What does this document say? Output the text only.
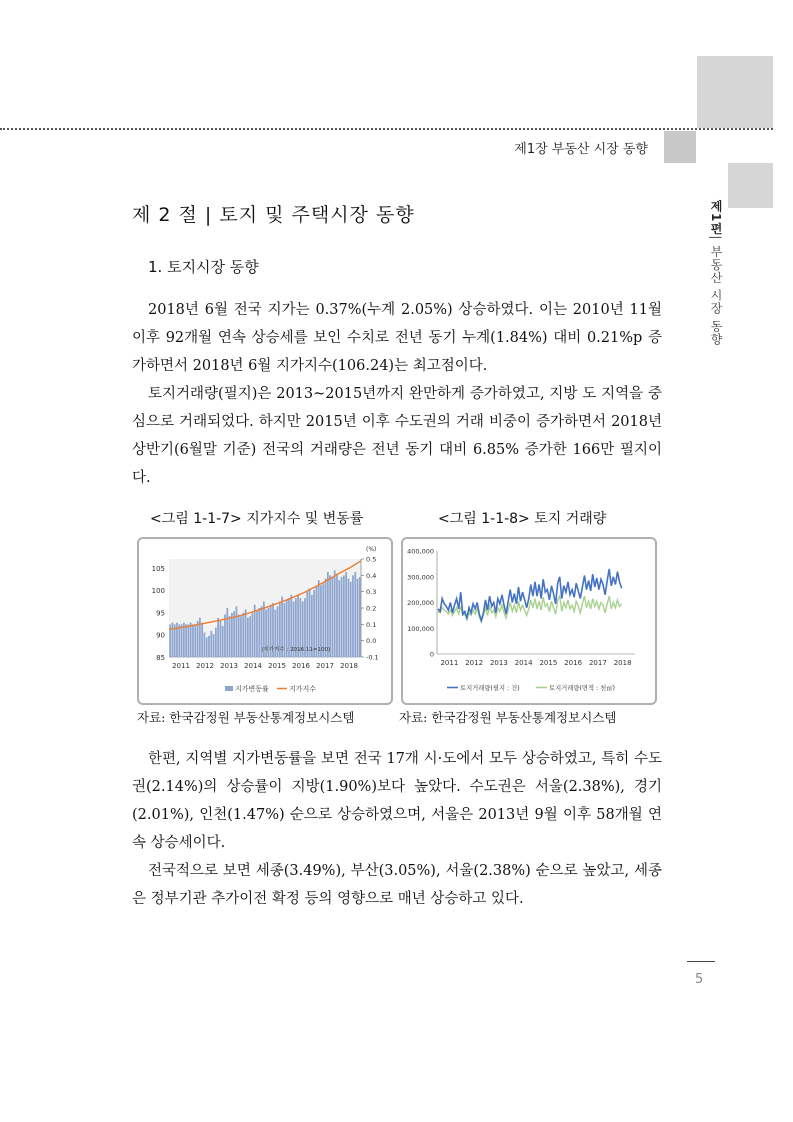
제1장 부동산 시장 동향
제1편| 부동산 시장 동향
제 2 절 | 토지 및 주택시장 동향
1. 토지시장 동향

2018년 6월 전국 지가는 0.37%(누계 2.05%) 상승하였다. 이는 2010년 11월 이후 92개월 연속 상승세를 보인 수치로 전년 동기 누계(1.84%) 대비 0.21%p 증가하면서 2018년 6월 지가지수(106.24)는 최고점이다.

토지거래량(필지)은 2013~2015년까지 완만하게 증가하였고, 지방 도 지역을 중심으로 거래되었다. 하지만 2015년 이후 수도권의 거래 비중이 증가하면서 2018년 상반기(6월말 기준) 전국의 거래량은 전년 동기 대비 6.85% 증가한 166만 필지이다.

<그림 1-1-7> 지가지수 및 변동률
85
90
95
100
105
-0.1
0.0
0.1
0.2
0.3
0.4
0.5
(%)
2011 2012 2013 2014 2015 2016 2017 2018
(지가지수 : 2016.11=100)
지가변동률	지가지수
자료: 한국감정원 부동산통계정보시스템
<그림 1-1-8> 토지 거래량
0
100,000
200,000
300,000
400,000
2011 2012 2013 2014 2015 2016 2017 2018
토지거래량(필지 : 건)	토지거래량(면적 : 천㎡)
자료: 한국감정원 부동산통계정보시스템

한편, 지역별 지가변동률을 보면 전국 17개 시·도에서 모두 상승하였고, 특히 수도권(2.14%)의 상승률이 지방(1.90%)보다 높았다. 수도권은 서울(2.38%), 경기(2.01%), 인천(1.47%) 순으로 상승하였으며, 서울은 2013년 9월 이후 58개월 연속 상승세이다.

전국적으로 보면 세종(3.49%), 부산(3.05%), 서울(2.38%) 순으로 높았고, 세종은 정부기관 추가이전 확정 등의 영향으로 매년 상승하고 있다.

5
